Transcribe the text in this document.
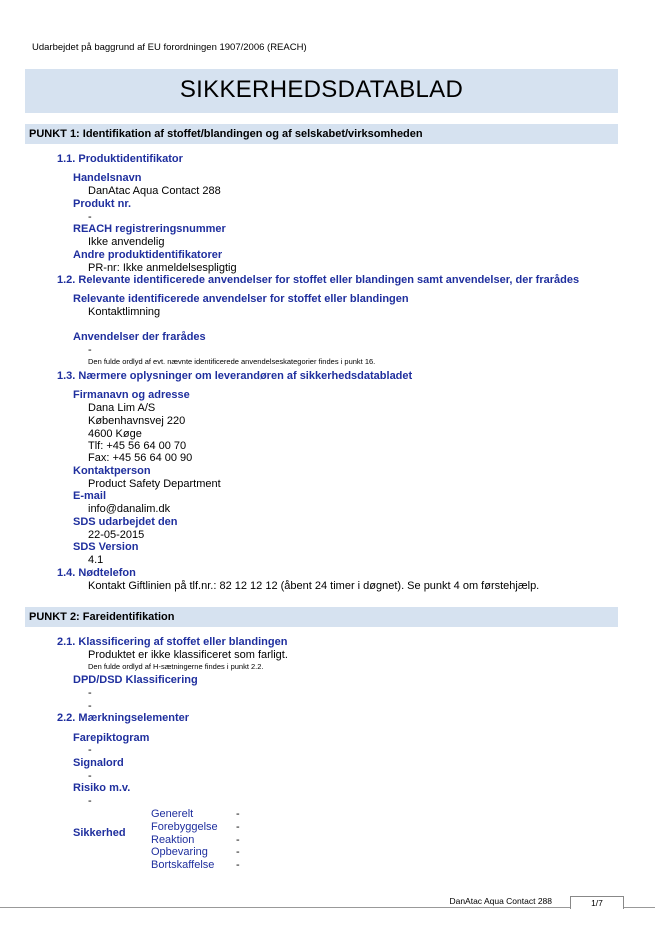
Udarbejdet på baggrund af EU forordningen 1907/2006 (REACH)
SIKKERHEDSDATABLAD
PUNKT 1: Identifikation af stoffet/blandingen og af selskabet/virksomheden
1.1. Produktidentifikator
Handelsnavn
DanAtac Aqua Contact 288
Produkt nr.
-
REACH registreringsnummer
Ikke anvendelig
Andre produktidentifikatorer
PR-nr: Ikke anmeldelsespligtig
1.2. Relevante identificerede anvendelser for stoffet eller blandingen samt anvendelser, der frarådes
Relevante identificerede anvendelser for stoffet eller blandingen
Kontaktlimning
Anvendelser der frarådes
-
Den fulde ordlyd af evt. nævnte identificerede anvendelseskategorier findes i punkt 16.
1.3. Nærmere oplysninger om leverandøren af sikkerhedsdatabladet
Firmanavn og adresse
Dana Lim A/S
Københavnsvej 220
4600 Køge
Tlf: +45 56 64 00 70
Fax: +45 56 64 00 90
Kontaktperson
Product Safety Department
E-mail
info@danalim.dk
SDS udarbejdet den
22-05-2015
SDS Version
4.1
1.4. Nødtelefon
Kontakt Giftlinien på tlf.nr.: 82 12 12 12 (åbent 24 timer i døgnet). Se punkt 4 om førstehjælp.
PUNKT 2: Fareidentifikation
2.1. Klassificering af stoffet eller blandingen
Produktet er ikke klassificeret som farligt.
Den fulde ordlyd af H-sætningerne findes i punkt 2.2.
DPD/DSD Klassificering
-
-
2.2. Mærkningselementer
Farepiktogram
-
Signalord
-
Risiko m.v.
-
Sikkerhed
Generelt	-
Forebyggelse -
Reaktion	-
Opbevaring	-
Bortskaffelse -
DanAtac Aqua Contact 288	1/7
